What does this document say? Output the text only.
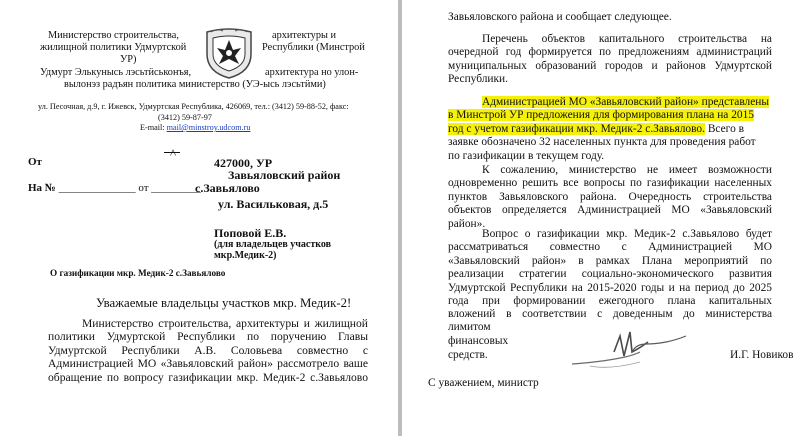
Министерство строительства,	архитектуры и
жилищной политики Удмуртской	Республики (Минстрой
УР)
Удмурт Элькунысь лэсьтӥськонъя,	архитектура но улон-
вылонэз радъян политика министерство (УЭ-ысь лэсьтӥми)
ул. Песочная, д.9, г. Ижевск, Удмуртская Республика, 426069, тел.: (3412) 59-88-52, факс:
(3412) 59-87-97
E-mail: mail@minstroy.udcom.ru
От
^
На № ______________ от _________
427000, УР
Завьяловский район
с.Завьялово
ул. Васильковая, д.5
Поповой Е.В.
(для владельцев участков
мкр.Медик-2)
О газификации мкр. Медик-2 с.Завьялово
Уважаемые владельцы участков мкр. Медик-2!
Министерство строительства, архитектуры и жилищной
политики Удмуртской Республики по поручению Главы
Удмуртской Республики А.В. Соловьева совместно с
Администрацией МО «Завьяловский район» рассмотрело ваше
обращение по вопросу газификации мкр. Медик-2 с.Завьялово
Завьяловского района и сообщает следующее.
Перечень объектов капитального строительства на
очередной год формируется по предложениям администраций
муниципальных образований городов и районов Удмуртской
Республики.
Администрацией МО «Завьяловский район» представлены
в Минстрой УР предложения для формирования плана на 2015
год с учетом газификации мкр. Медик-2 с.Завьялово. Всего в
заявке обозначено 32 населенных пункта для проведения работ
по газификации в текущем году.
К сожалению, министерство не имеет возможности
одновременно решить все вопросы по газификации населенных
пунктов Завьяловского района. Очередность строительства
объектов определяется Администрацией МО «Завьяловский
район».
Вопрос о газификации мкр. Медик-2 с.Завьялово будет
рассматриваться совместно с Администрацией МО
«Завьяловский район» в рамках Плана мероприятий по
реализации стратегии социально-экономического развития
Удмуртской Республики на 2015-2020 годы и на период до 2025
года при формировании ежегодного плана капитальных
вложений в соответствии с доведенным до министерства
лимитом
финансовых
средств.	И.Г. Новиков
С уважением, министр
